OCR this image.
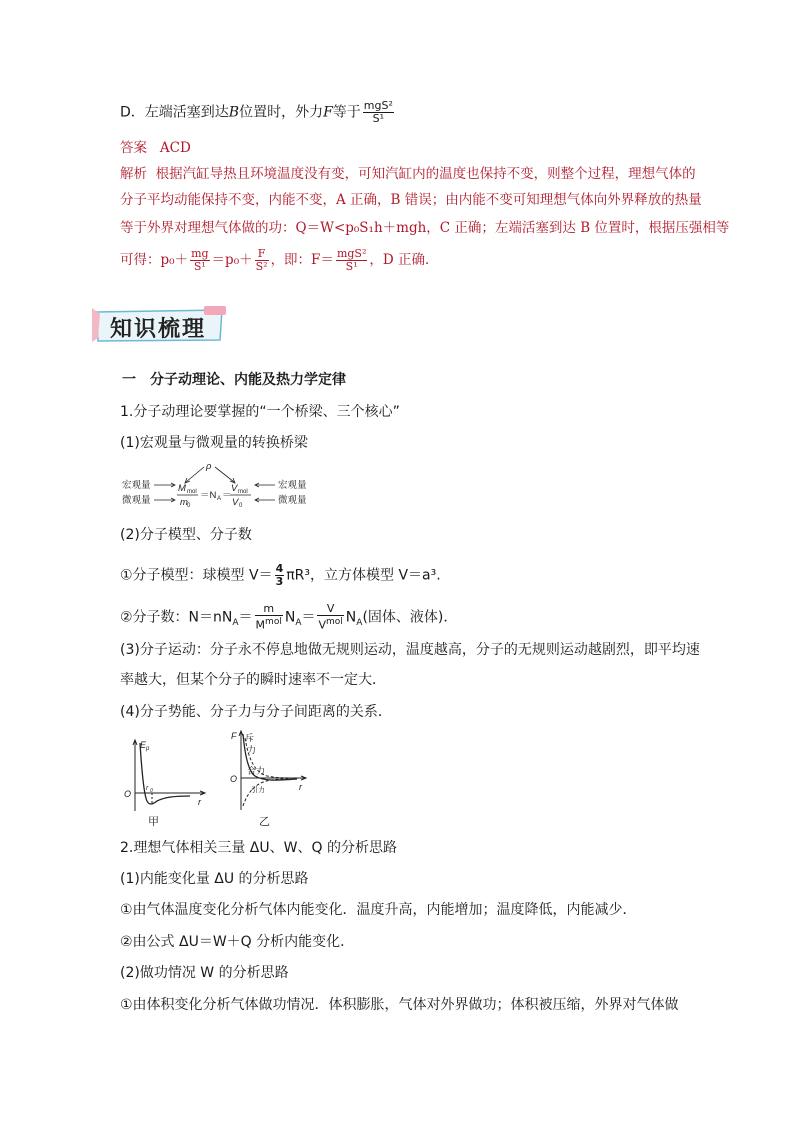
D．左端活塞到达B位置时，外力F等于 $\frac{\text{mgS²}}{\text{S¹}}$
答案 ACD
解析 根据汽缸导热且环境温度没有变，可知汽缸内的温度也保持不变，则整个过程，理想气体的
分子平均动能保持不变，内能不变，A 正确，B 错误；由内能不变可知理想气体向外界释放的热量
等于外界对理想气体做的功：Q＝W<p₀S₁h＋mgh，C 正确；左端活塞到达 B 位置时，根据压强相等
可得：$p_0+ \frac{mg}{\text{S¹}} =p_0+ \frac{F}{\text{S²}}$ ，即：$F= \frac{\text{mgS²}}{\text{S¹}}$ ，D 正确．
知识梳理
一　分子动理论、内能及热力学定律
1.分子动理论要掌握的“一个桥梁、三个核心”
(1)宏观量与微观量的转换桥梁
宏观量
微观量
宏观量
微观量
ρ
M mol
m 0
＝N A ＝
V mol
V 0
(2)分子模型、分子数
①分子模型：球模型 $V= \frac{4}{3} \pi R^3$，立方体模型 V＝a³.
②分子数：$N=nN_A= \frac{m}{M^{mol}} N_A= \frac{V}{V^{mol}} N_A$(固体、液体)．
(3)分子运动：分子永不停息地做无规则运动，温度越高，分子的无规则运动越剧烈，即平均速
率越大，但某个分子的瞬时速率不一定大．
(4)分子势能、分子力与分子间距离的关系．
E p
O
r 0
r
甲
F 斥
力
合力
O
引力	r
乙
2.理想气体相关三量 ΔU、W、Q 的分析思路
(1)内能变化量 ΔU 的分析思路
①由气体温度变化分析气体内能变化．温度升高，内能增加；温度降低，内能减少．
②由公式 ΔU＝W＋Q 分析内能变化．
(2)做功情况 W 的分析思路
①由体积变化分析气体做功情况．体积膨胀，气体对外界做功；体积被压缩，外界对气体做
